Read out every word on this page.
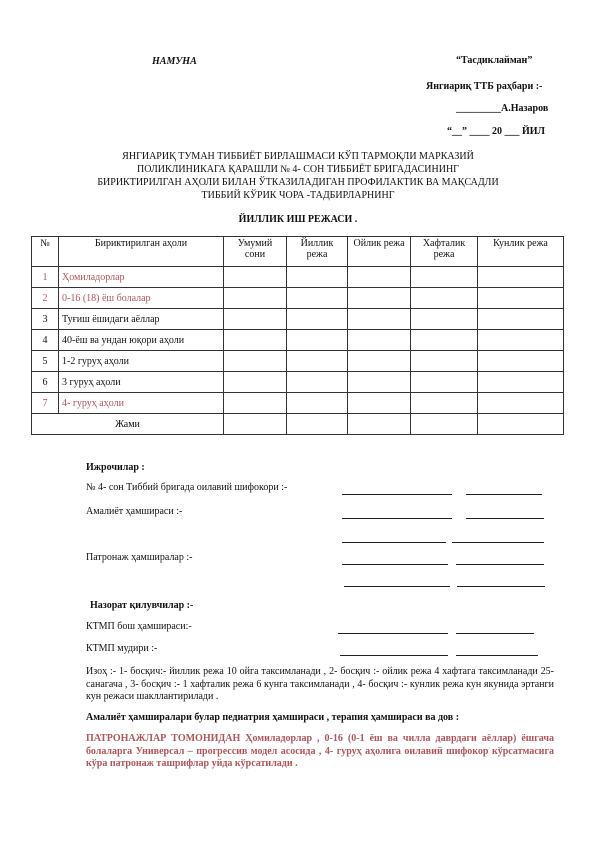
НАМУНА	“Тасдиклайман”
Янгиариқ ТТБ раҳбари :-
_________А.Назаров
“__” ____ 20 ___ ЙИЛ
ЯНГИАРИҚ ТУМАН ТИББИЁТ БИРЛАШМАСИ КЎП ТАРМОҚЛИ МАРКАЗИЙ
ПОЛИКЛИНИКАГА ҚАРАШЛИ № 4- СОН ТИББИЁТ БРИГАДАСИНИНГ
БИРИКТИРИЛГАН АҲОЛИ БИЛАН ЎТКАЗИЛАДИГАН ПРОФИЛАКТИК ВА МАҚСАДЛИ
ТИББИЙ КЎРИК ЧОРА -ТАДБИРЛАРНИНГ
ЙИЛЛИК ИШ РЕЖАСИ .
№	Бириктирилган аҳоли	Умумий сони	Йиллик режа	Ойлик режа	Хафталик режа	Кунлик режа
1	Ҳомиладорлар					
2	0-16 (18) ёш болалар					
3	Туғиш ёшидаги аёллар					
4	40-ёш ва ундан юқори аҳоли					
5	1-2 гуруҳ аҳоли					
6	3 гуруҳ аҳоли					
7	4- гуруҳ аҳоли					
Жами						
Ижрочилар :
№ 4- сон Тиббий бригада оилавий шифокори :-
Амалиёт ҳамшираси :-
Патронаж ҳамширалар :-
Назорат қилувчилар :-
КТМП бош ҳамшираси:-
КТМП мудири :-
Изоҳ :- 1- босқич:- йиллик режа 10 ойга таксимланади , 2- босқич :- ойлик режа 4 хафтага таксимланади 25- санагача , 3- босқич :- 1 хафталик режа 6 кунга таксимланади , 4- босқич :- кунлик режа кун якунида эртанги кун режаси шакллантирилади .
Амалиёт ҳамширалари булар педиатрия ҳамшираси , терапия ҳамшираси ва дов :
ПАТРОНАЖЛАР ТОМОНИДАН Ҳомиладорлар , 0-16 (0-1 ёш ва чилла даврдаги аёллар) ёшгача болаларга Универсал – прогрессив модел асосида , 4- гуруҳ аҳолига оилавий шифокор кўрсатмасига кўра патронаж ташрифлар уйда кўрсатилади .
